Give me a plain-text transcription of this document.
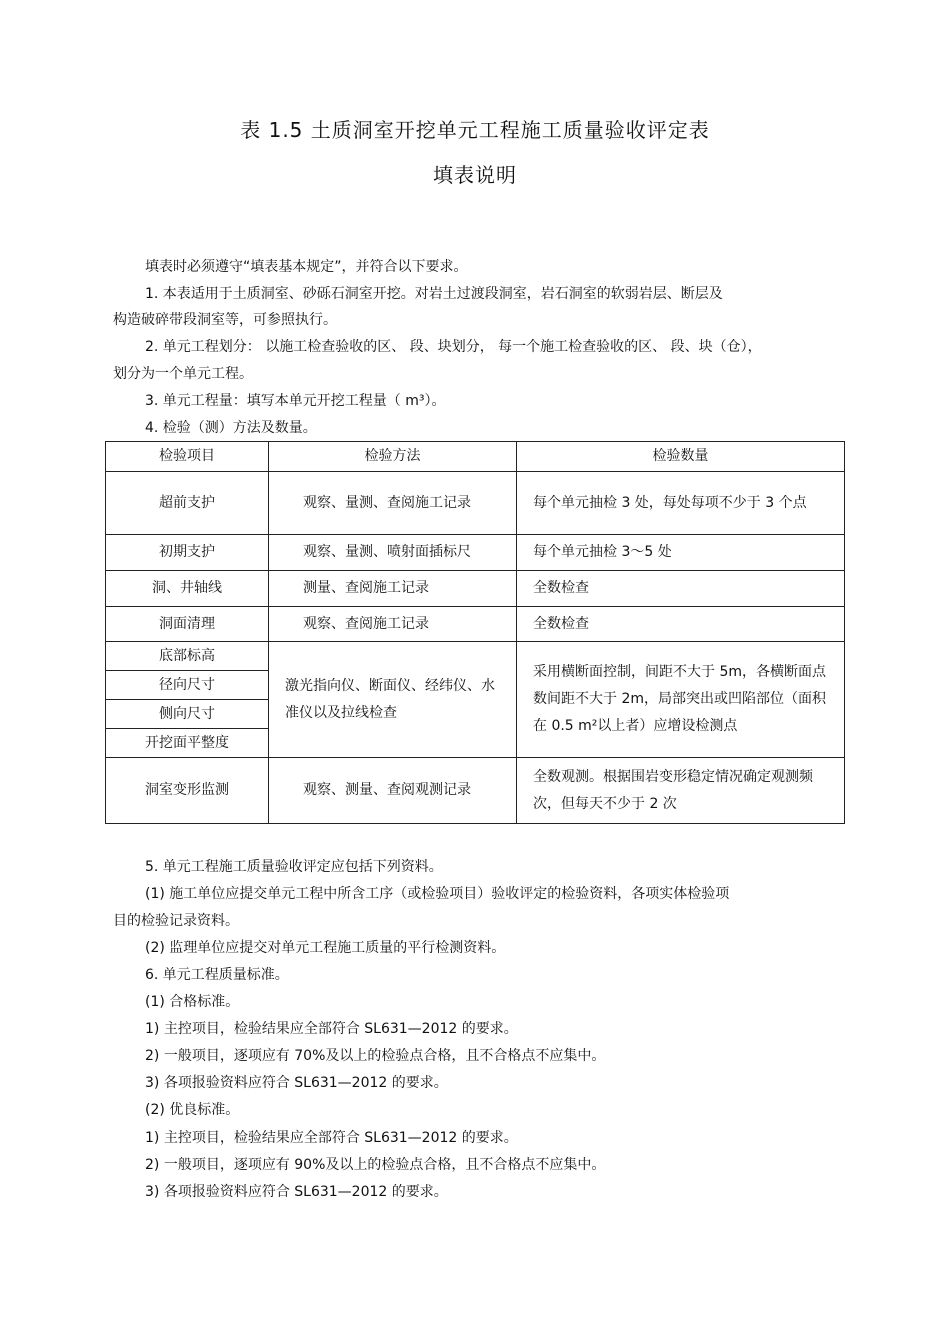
表 1.5 土质洞室开挖单元工程施工质量验收评定表
填表说明
填表时必须遵守“填表基本规定”，并符合以下要求。
1. 本表适用于土质洞室、砂砾石洞室开挖。对岩土过渡段洞室，岩石洞室的软弱岩层、断层及
构造破碎带段洞室等，可参照执行。
2. 单元工程划分： 以施工检查验收的区、 段、块划分， 每一个施工检查验收的区、 段、块（仓），
划分为一个单元工程。
3. 单元工程量：填写本单元开挖工程量（ m³）。
4. 检验（测）方法及数量。
检验项目	检验方法	检验数量
超前支护	观察、量测、查阅施工记录	每个单元抽检 3 处，每处每项不少于 3 个点
初期支护	观察、量测、喷射面插标尺	每个单元抽检 3～5 处
洞、井轴线	测量、查阅施工记录	全数检查
洞面清理	观察、查阅施工记录	全数检查
底部标高	激光指向仪、断面仪、经纬仪、水准仪以及拉线检查	采用横断面控制，间距不大于 5m，各横断面点数间距不大于 2m，局部突出或凹陷部位（面积在 0.5 m²以上者）应增设检测点
径向尺寸		
侧向尺寸		
开挖面平整度		
洞室变形监测	观察、测量、查阅观测记录	全数观测。根据围岩变形稳定情况确定观测频次，但每天不少于 2 次
5. 单元工程施工质量验收评定应包括下列资料。
(1) 施工单位应提交单元工程中所含工序（或检验项目）验收评定的检验资料，各项实体检验项
目的检验记录资料。
(2) 监理单位应提交对单元工程施工质量的平行检测资料。
6. 单元工程质量标准。
(1) 合格标准。
1) 主控项目，检验结果应全部符合 SL631—2012 的要求。
2) 一般项目，逐项应有 70%及以上的检验点合格，且不合格点不应集中。
3) 各项报验资料应符合 SL631—2012 的要求。
(2) 优良标准。
1) 主控项目，检验结果应全部符合 SL631—2012 的要求。
2) 一般项目，逐项应有 90%及以上的检验点合格，且不合格点不应集中。
3) 各项报验资料应符合 SL631—2012 的要求。
